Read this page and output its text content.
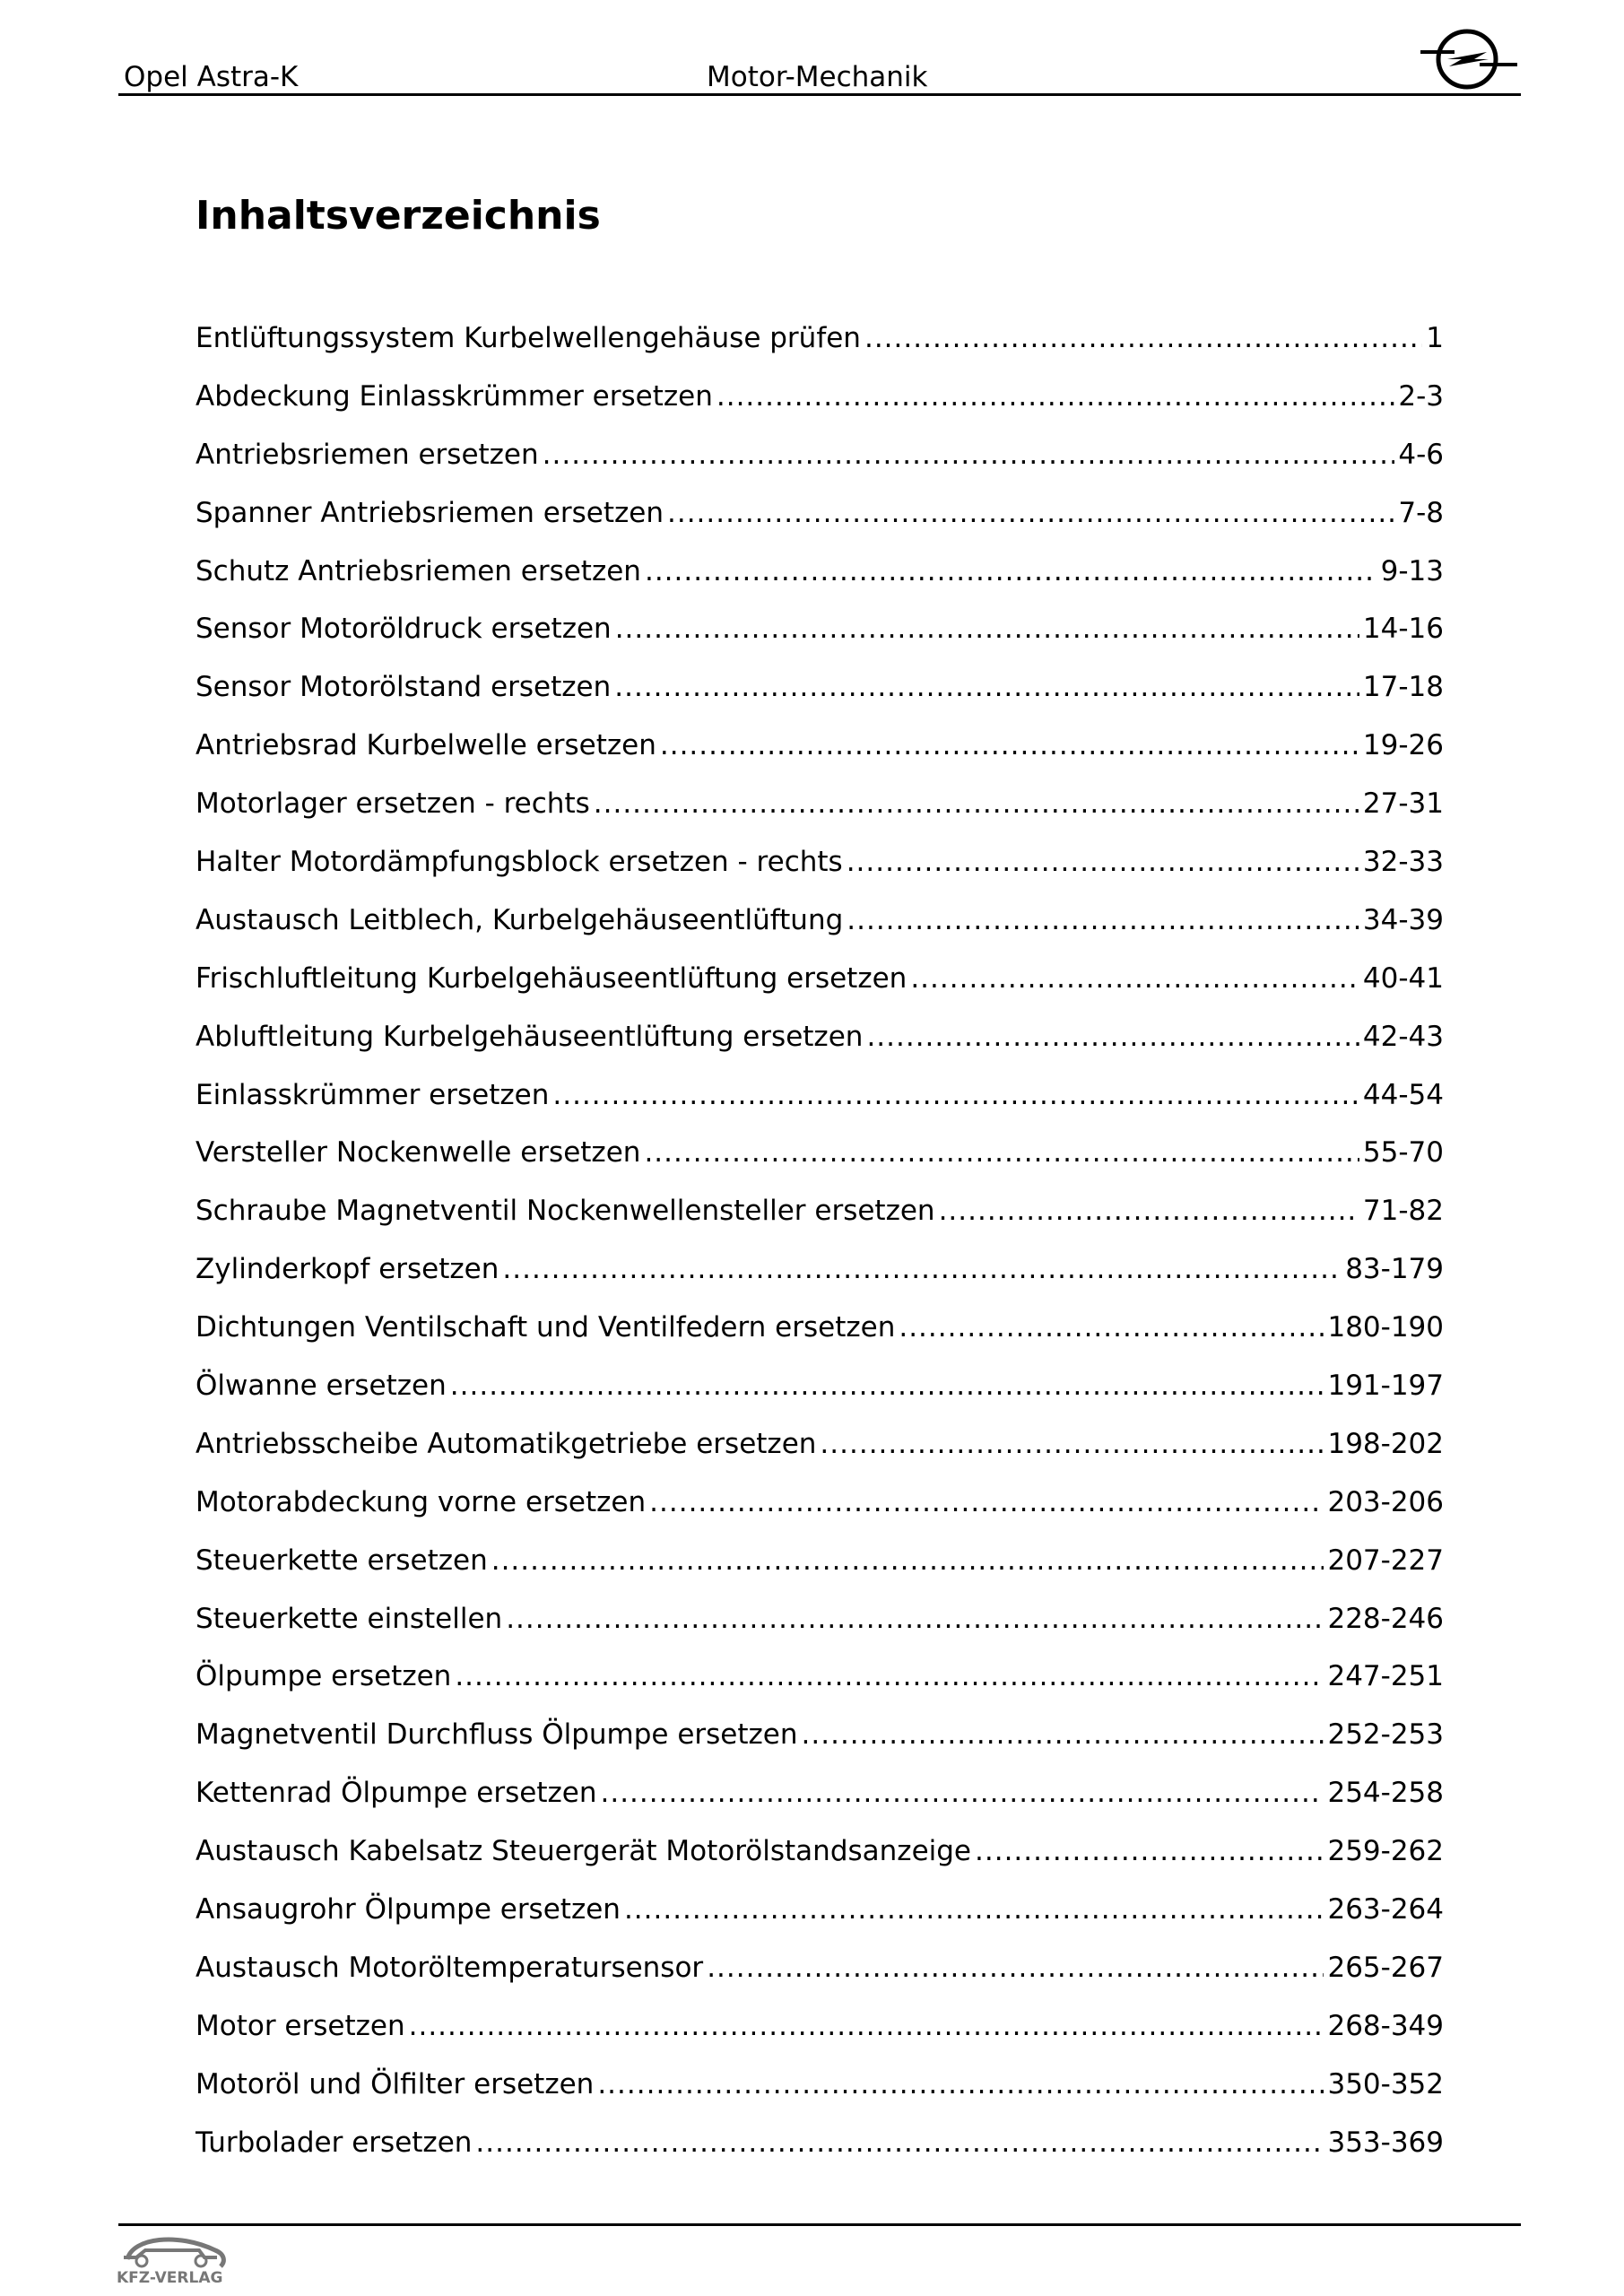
Opel Astra-K	Motor-Mechanik
Inhaltsverzeichnis
Entlüftungssystem Kurbelwellengehäuse prüfen .....	1
Abdeckung Einlasskrümmer ersetzen .....	2-3
Antriebsriemen ersetzen .....	4-6
Spanner Antriebsriemen ersetzen .....	7-8
Schutz Antriebsriemen ersetzen .....	9-13
Sensor Motoröldruck ersetzen .....	14-16
Sensor Motorölstand ersetzen .....	17-18
Antriebsrad Kurbelwelle ersetzen .....	19-26
Motorlager ersetzen - rechts .....	27-31
Halter Motordämpfungsblock ersetzen - rechts .....	32-33
Austausch Leitblech, Kurbelgehäuseentlüftung .....	34-39
Frischluftleitung Kurbelgehäuseentlüftung ersetzen .....	40-41
Abluftleitung Kurbelgehäuseentlüftung ersetzen .....	42-43
Einlasskrümmer ersetzen .....	44-54
Versteller Nockenwelle ersetzen .....	55-70
Schraube Magnetventil Nockenwellensteller ersetzen .....	71-82
Zylinderkopf ersetzen .....	83-179
Dichtungen Ventilschaft und Ventilfedern ersetzen .....	180-190
Ölwanne ersetzen .....	191-197
Antriebsscheibe Automatikgetriebe ersetzen .....	198-202
Motorabdeckung vorne ersetzen .....	203-206
Steuerkette ersetzen .....	207-227
Steuerkette einstellen .....	228-246
Ölpumpe ersetzen .....	247-251
Magnetventil Durchfluss Ölpumpe ersetzen .....	252-253
Kettenrad Ölpumpe ersetzen .....	254-258
Austausch Kabelsatz Steuergerät Motorölstandsanzeige .....	259-262
Ansaugrohr Ölpumpe ersetzen .....	263-264
Austausch Motoröltemperatursensor .....	265-267
Motor ersetzen .....	268-349
Motoröl und Ölfilter ersetzen .....	350-352
Turbolader ersetzen .....	353-369
KFZ-VERLAG
